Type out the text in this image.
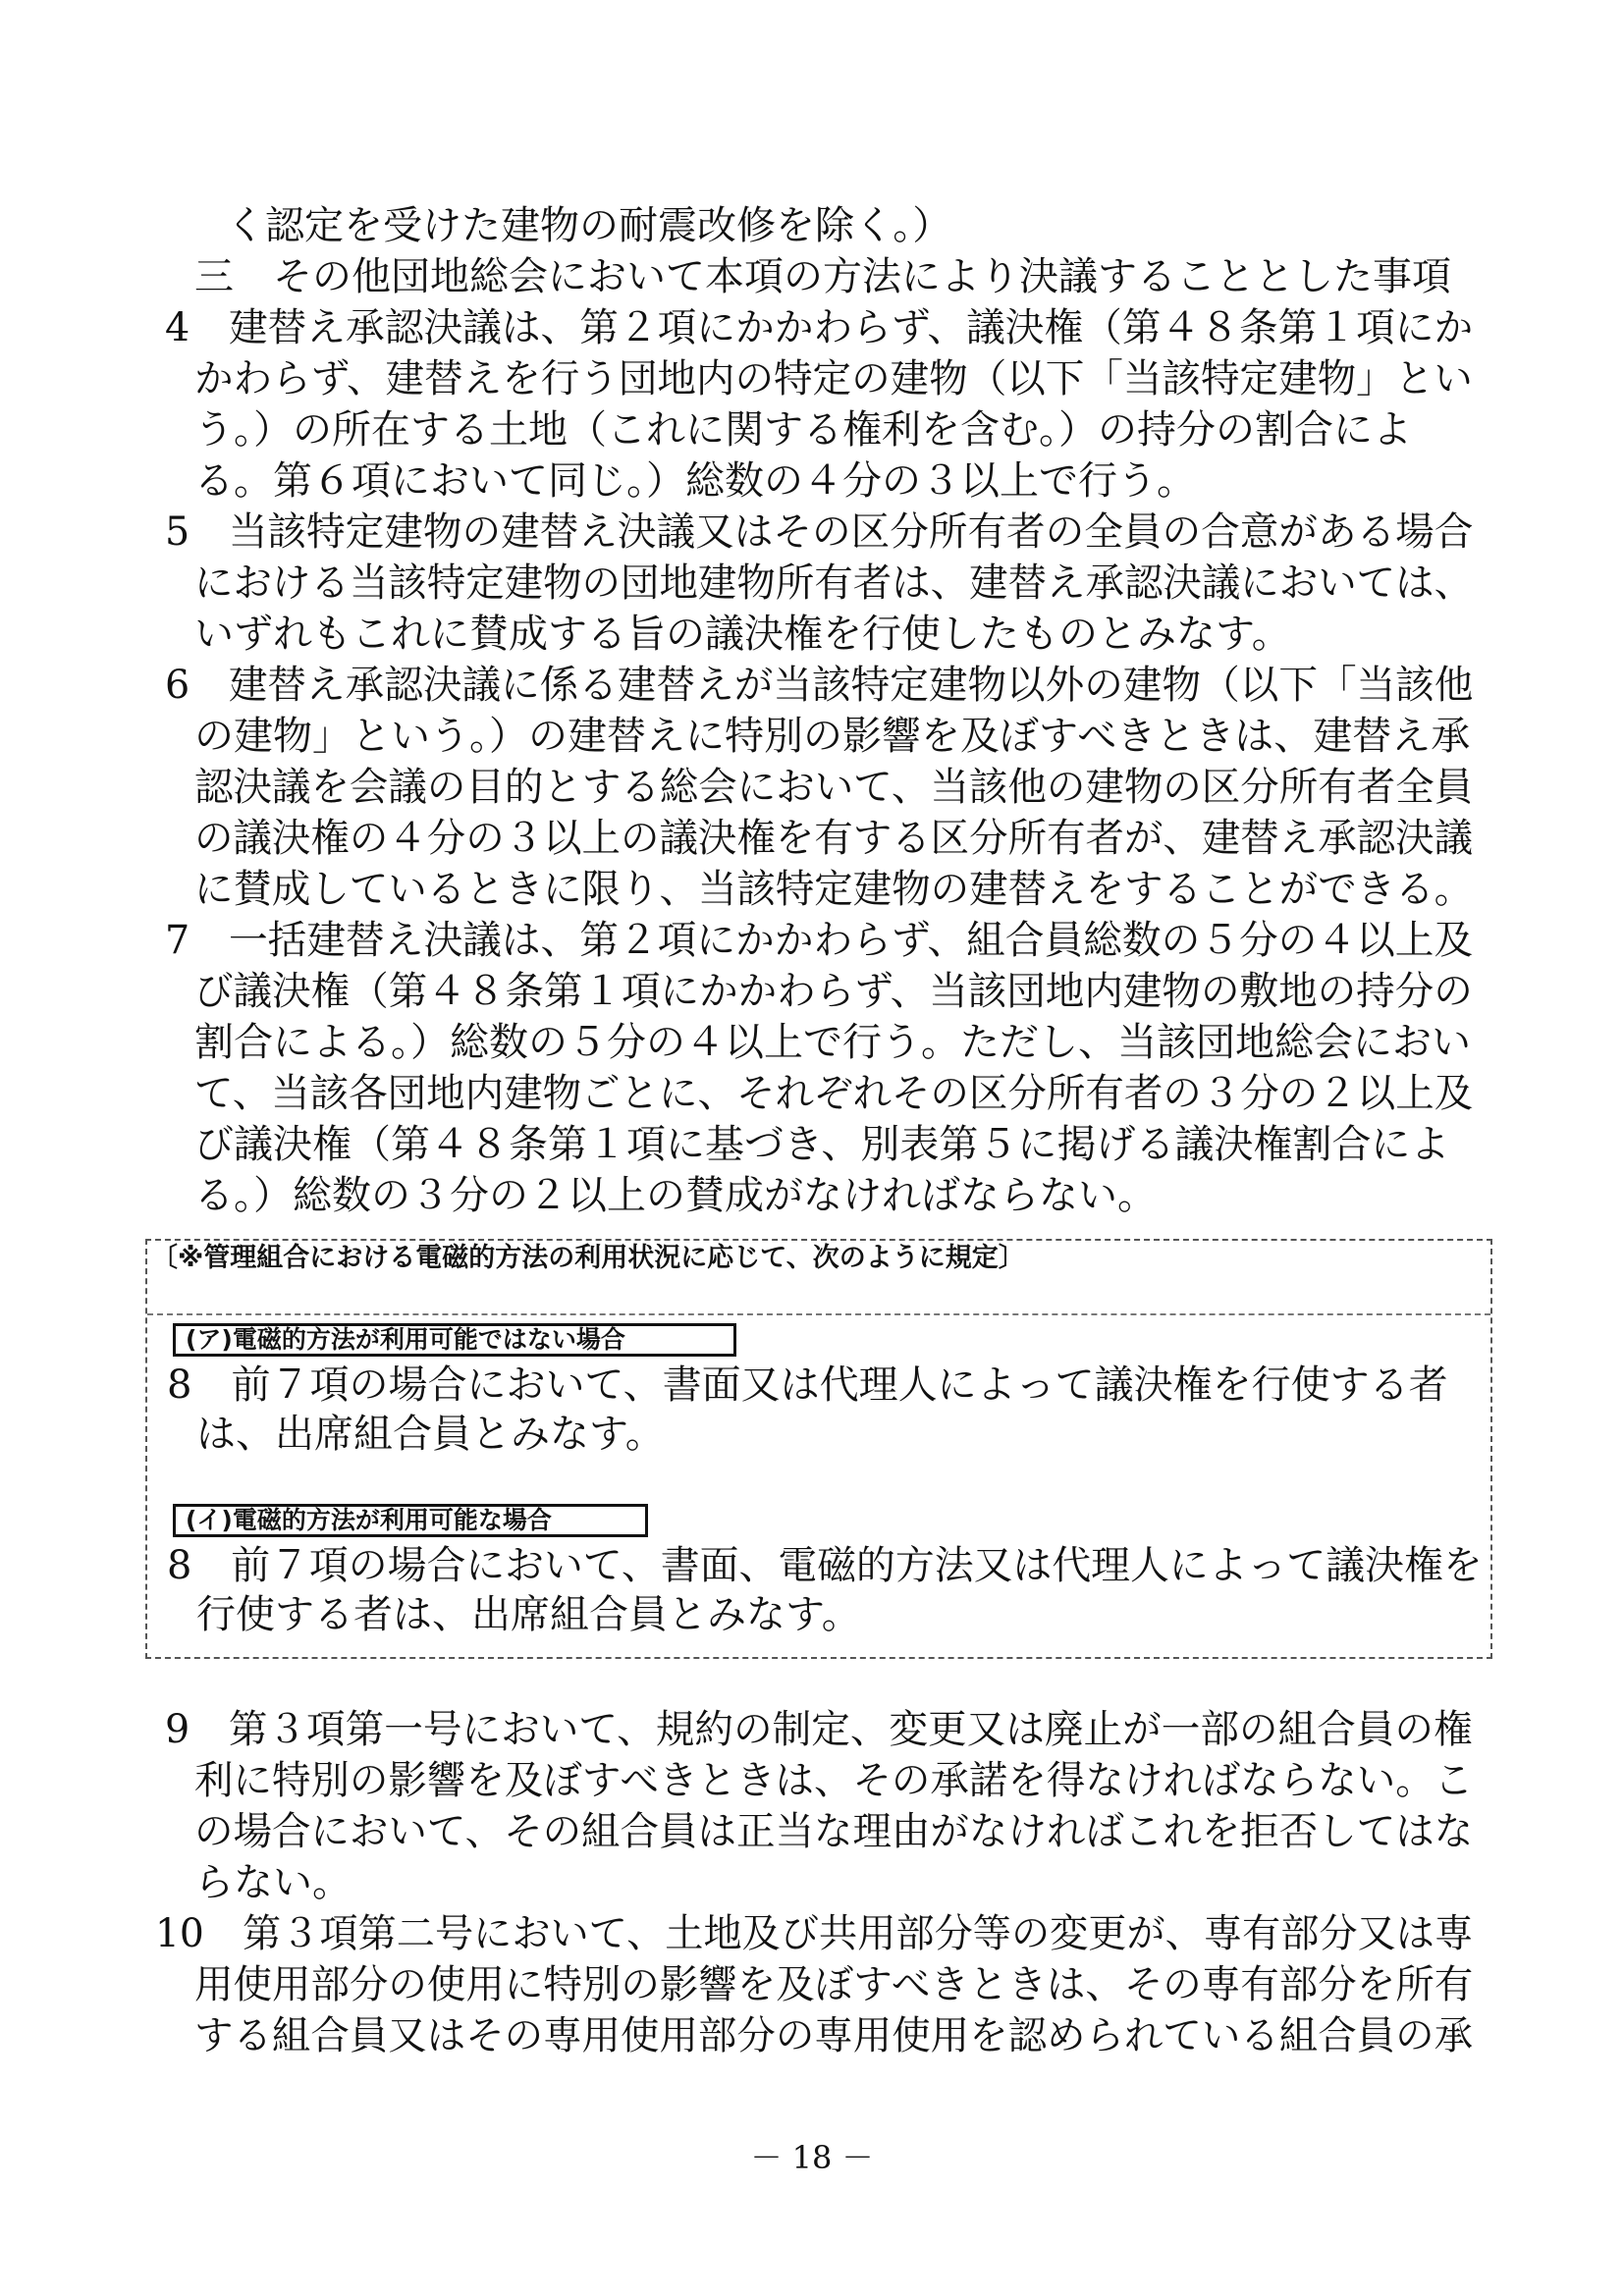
く認定を受けた建物の耐震改修を除く。）
三　その他団地総会において本項の方法により決議することとした事項
4　建替え承認決議は、第２項にかかわらず、議決権（第４８条第１項にか
かわらず、建替えを行う団地内の特定の建物（以下「当該特定建物」とい
う。）の所在する土地（これに関する権利を含む。）の持分の割合によ
る。第６項において同じ。）総数の４分の３以上で行う。
5　当該特定建物の建替え決議又はその区分所有者の全員の合意がある場合
における当該特定建物の団地建物所有者は、建替え承認決議においては、
いずれもこれに賛成する旨の議決権を行使したものとみなす。
6　建替え承認決議に係る建替えが当該特定建物以外の建物（以下「当該他
の建物」という。）の建替えに特別の影響を及ぼすべきときは、建替え承
認決議を会議の目的とする総会において、当該他の建物の区分所有者全員
の議決権の４分の３以上の議決権を有する区分所有者が、建替え承認決議
に賛成しているときに限り、当該特定建物の建替えをすることができる。
7　一括建替え決議は、第２項にかかわらず、組合員総数の５分の４以上及
び議決権（第４８条第１項にかかわらず、当該団地内建物の敷地の持分の
割合による。）総数の５分の４以上で行う。ただし、当該団地総会におい
て、当該各団地内建物ごとに、それぞれその区分所有者の３分の２以上及
び議決権（第４８条第１項に基づき、別表第５に掲げる議決権割合によ
る。）総数の３分の２以上の賛成がなければならない。
〔※管理組合における電磁的方法の利用状況に応じて、次のように規定〕
(ア)電磁的方法が利用可能ではない場合
8　前７項の場合において、書面又は代理人によって議決権を行使する者
は、出席組合員とみなす。
(イ)電磁的方法が利用可能な場合
8　前７項の場合において、書面、電磁的方法又は代理人によって議決権を
行使する者は、出席組合員とみなす。
9　第３項第一号において、規約の制定、変更又は廃止が一部の組合員の権
利に特別の影響を及ぼすべきときは、その承諾を得なければならない。こ
の場合において、その組合員は正当な理由がなければこれを拒否してはな
らない。
10　第３項第二号において、土地及び共用部分等の変更が、専有部分又は専
用使用部分の使用に特別の影響を及ぼすべきときは、その専有部分を所有
する組合員又はその専用使用部分の専用使用を認められている組合員の承
－ 18 －
